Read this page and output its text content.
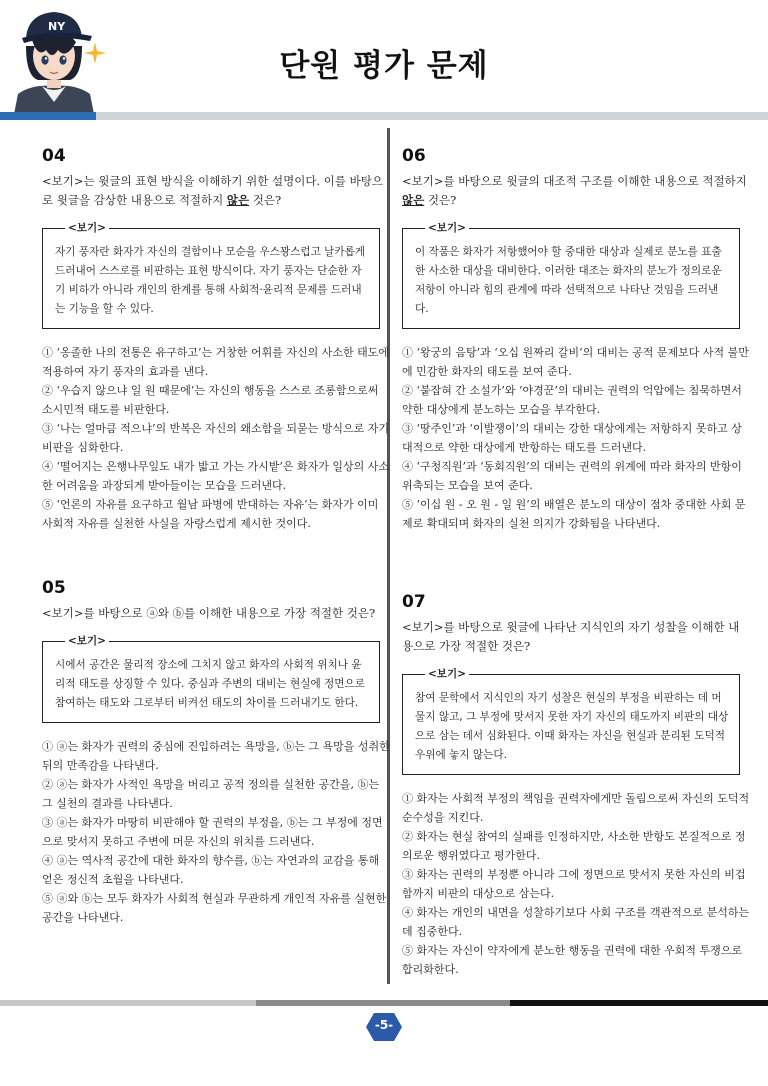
NY
단원 평가 문제
04
<보기>는 윗글의 표현 방식을 이해하기 위한 설명이다. 이를 바탕으로 윗글을 감상한 내용으로 적절하지 않은 것은?
<보기>
자기 풍자란 화자가 자신의 결함이나 모순을 우스꽝스럽고 날카롭게 드러내어 스스로를 비판하는 표현 방식이다. 자기 풍자는 단순한 자기 비하가 아니라 개인의 한계를 통해 사회적·윤리적 문제를 드러내는 기능을 할 수 있다.
① ‘옹졸한 나의 전통은 유구하고’는 거창한 어휘를 자신의 사소한 태도에 적용하여 자기 풍자의 효과를 낸다.
② ‘우습지 않으냐 일 원 때문에’는 자신의 행동을 스스로 조롱함으로써 소시민적 태도를 비판한다.
③ ‘나는 얼마큼 적으냐’의 반복은 자신의 왜소함을 되묻는 방식으로 자기비판을 심화한다.
④ ‘떨어지는 은행나무잎도 내가 밟고 가는 가시밭’은 화자가 일상의 사소한 어려움을 과장되게 받아들이는 모습을 드러낸다.
⑤ ‘언론의 자유를 요구하고 월남 파병에 반대하는 자유’는 화자가 이미 사회적 자유를 실천한 사실을 자랑스럽게 제시한 것이다.
05
<보기>를 바탕으로 ⓐ와 ⓑ를 이해한 내용으로 가장 적절한 것은?
<보기>
시에서 공간은 물리적 장소에 그치지 않고 화자의 사회적 위치나 윤리적 태도를 상징할 수 있다. 중심과 주변의 대비는 현실에 정면으로 참여하는 태도와 그로부터 비켜선 태도의 차이를 드러내기도 한다.
① ⓐ는 화자가 권력의 중심에 진입하려는 욕망을, ⓑ는 그 욕망을 성취한 뒤의 만족감을 나타낸다.
② ⓐ는 화자가 사적인 욕망을 버리고 공적 정의를 실천한 공간을, ⓑ는 그 실천의 결과를 나타낸다.
③ ⓐ는 화자가 마땅히 비판해야 할 권력의 부정을, ⓑ는 그 부정에 정면으로 맞서지 못하고 주변에 머문 자신의 위치를 드러낸다.
④ ⓐ는 역사적 공간에 대한 화자의 향수를, ⓑ는 자연과의 교감을 통해 얻은 정신적 초월을 나타낸다.
⑤ ⓐ와 ⓑ는 모두 화자가 사회적 현실과 무관하게 개인적 자유를 실현한 공간을 나타낸다.
06
<보기>를 바탕으로 윗글의 대조적 구조를 이해한 내용으로 적절하지 않은 것은?
<보기>
이 작품은 화자가 저항했어야 할 중대한 대상과 실제로 분노를 표출한 사소한 대상을 대비한다. 이러한 대조는 화자의 분노가 정의로운 저항이 아니라 힘의 관계에 따라 선택적으로 나타난 것임을 드러낸다.
① ‘왕궁의 음탕’과 ‘오십 원짜리 갈비’의 대비는 공적 문제보다 사적 불만에 민감한 화자의 태도를 보여 준다.
② ‘붙잡혀 간 소설가’와 ‘야경꾼’의 대비는 권력의 억압에는 침묵하면서 약한 대상에게 분노하는 모습을 부각한다.
③ ‘땅주인’과 ‘이발쟁이’의 대비는 강한 대상에게는 저항하지 못하고 상대적으로 약한 대상에게 반항하는 태도를 드러낸다.
④ ‘구청직원’과 ‘동회직원’의 대비는 권력의 위계에 따라 화자의 반항이 위축되는 모습을 보여 준다.
⑤ ‘이십 원 - 오 원 - 일 원’의 배열은 분노의 대상이 점차 중대한 사회 문제로 확대되며 화자의 실천 의지가 강화됨을 나타낸다.
07
<보기>를 바탕으로 윗글에 나타난 지식인의 자기 성찰을 이해한 내용으로 가장 적절한 것은?
<보기>
참여 문학에서 지식인의 자기 성찰은 현실의 부정을 비판하는 데 머물지 않고, 그 부정에 맞서지 못한 자기 자신의 태도까지 비판의 대상으로 삼는 데서 심화된다. 이때 화자는 자신을 현실과 분리된 도덕적 우위에 놓지 않는다.
① 화자는 사회적 부정의 책임을 권력자에게만 돌림으로써 자신의 도덕적 순수성을 지킨다.
② 화자는 현실 참여의 실패를 인정하지만, 사소한 반항도 본질적으로 정의로운 행위였다고 평가한다.
③ 화자는 권력의 부정뿐 아니라 그에 정면으로 맞서지 못한 자신의 비겁함까지 비판의 대상으로 삼는다.
④ 화자는 개인의 내면을 성찰하기보다 사회 구조를 객관적으로 분석하는 데 집중한다.
⑤ 화자는 자신이 약자에게 분노한 행동을 권력에 대한 우회적 투쟁으로 합리화한다.
-5-
